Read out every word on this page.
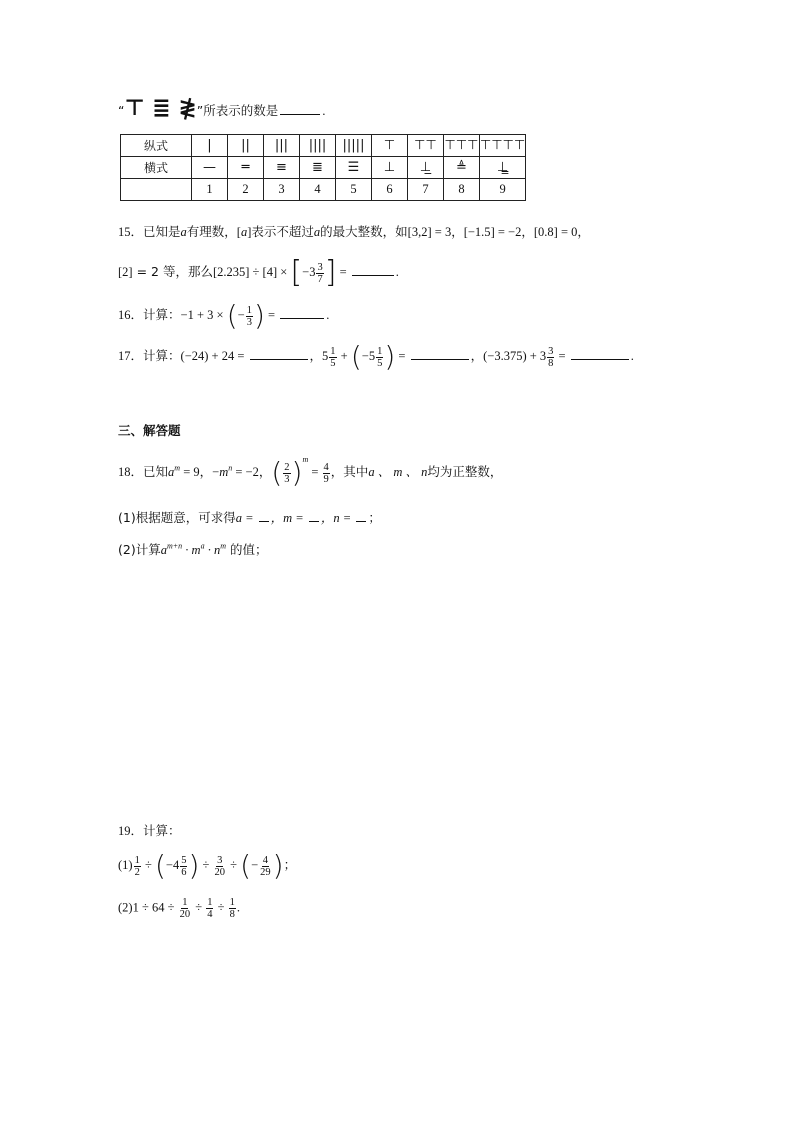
“⊤ ≣ ≹”所表示的数是	.
纵式	|	||	|||	||||	|||||	⊤	⊤⊤	⊤⊤⊤	⊤⊤⊤⊤
横式	—	═	≡	≣	☰	⊥	⊥̲	≜	⊥̳
	1	2	3	4	5	6	7	8	9
15．已知是a有理数，[a]表示不超过a的最大整数，如[3,2] = 3，[−1.5] = −2，[0.8] = 0，
[2] = 2 等，那么$[2.235] \div [4] \times [-3 \frac{3}{7}$ ] =	.
16．计算：−1 + 3 × (− $\frac{1}{3}$ ) =	.
17．计算：(−24) + 24 =	，$5 \frac{1}{5} + (-5 \frac{1}{5}$ ) =	，$(-3.375) + 3 \frac{3}{8}$ =	.
三、解答题
18．已知$a^m = 9$，$-m^n = -2$，( $\frac{2}{3} )^m = \frac{4}{9}$ ，其中a 、 m 、 n均为正整数，
(1)根据题意，可求得a = ，m = ，n = ；
(2)计算$a^{m+n} \cdot m^a \cdot n^m$ 的值；
19．计算：
$(1) \frac{1}{2} \div (-4 \frac{5}{6}$ ) ÷ $\frac{3}{20}$ ÷ (− $\frac{4}{29}$ )；
$(2)1 \div 64 \div \frac{1}{20} \div \frac{1}{4} \div \frac{1}{8}$ .
